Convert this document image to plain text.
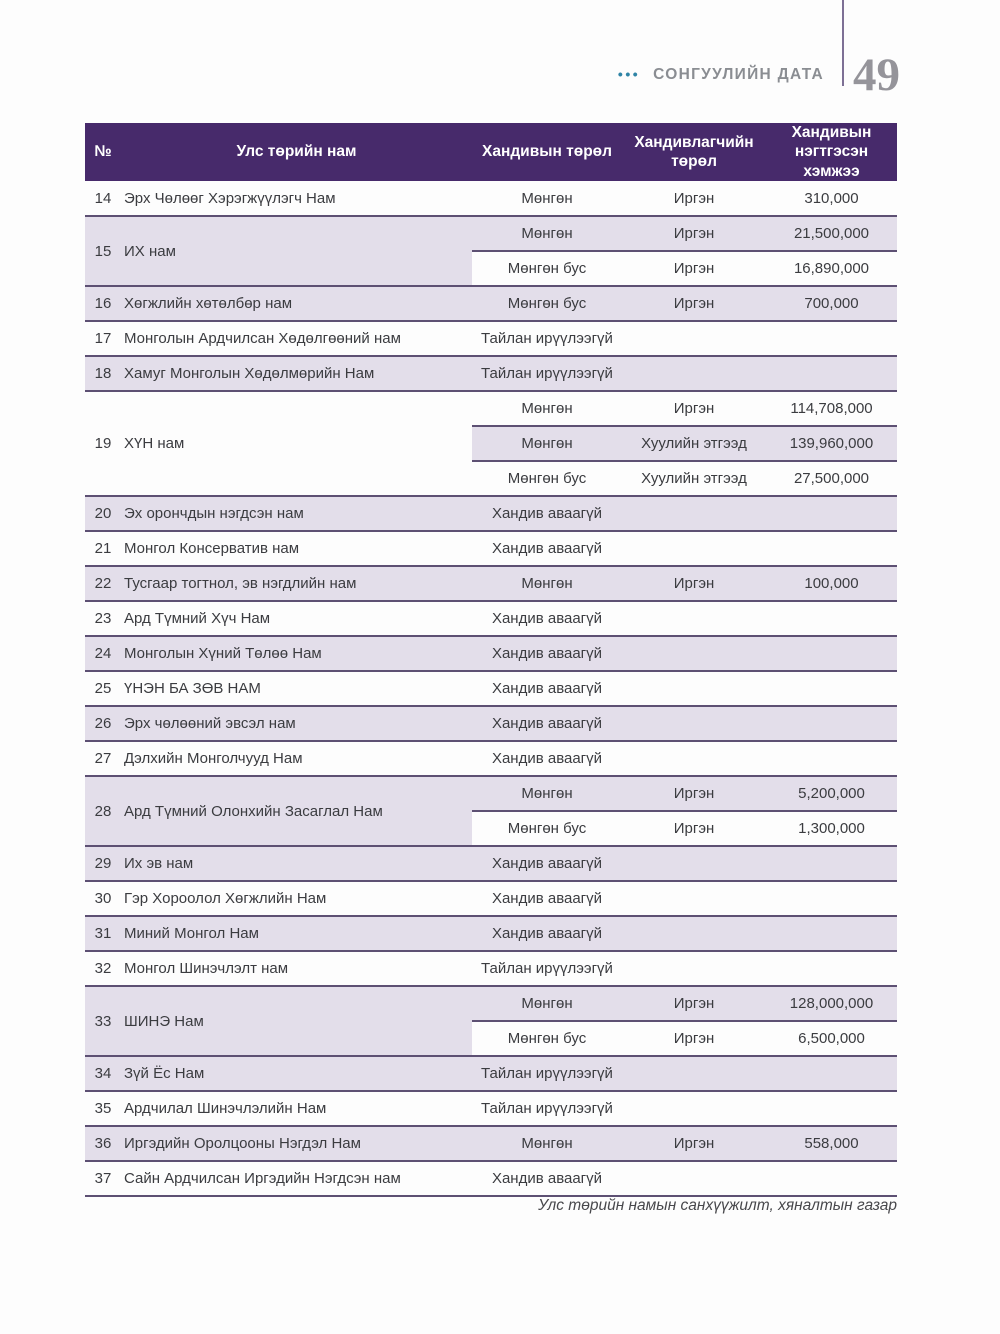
••• СОНГУУЛИЙН ДАТА 49
№	Улс төрийн нам	Хандивын төрөл	Хандивлагчийн төрөл	Хандивын нэгтгэсэн хэмжээ
14	Эрх Чөлөөг Хэрэгжүүлэгч Нам	Мөнгөн	Иргэн	310,000
15	ИХ нам	Мөнгөн	Иргэн	21,500,000
		Мөнгөн бус	Иргэн	16,890,000
16	Хөгжлийн хөтөлбөр нам	Мөнгөн бус	Иргэн	700,000
17	Монголын Ардчилсан Хөдөлгөөний нам	Тайлан ирүүлээгүй		
18	Хамуг Монголын Хөдөлмөрийн Нам	Тайлан ирүүлээгүй		
19	ХҮН нам	Мөнгөн	Иргэн	114,708,000
		Мөнгөн	Хуулийн этгээд	139,960,000
		Мөнгөн бус	Хуулийн этгээд	27,500,000
20	Эх орончдын нэгдсэн нам	Хандив аваагүй		
21	Монгол Консерватив нам	Хандив аваагүй		
22	Тусгаар тогтнол, эв нэгдлийн нам	Мөнгөн	Иргэн	100,000
23	Ард Түмний Хүч Нам	Хандив аваагүй		
24	Монголын Хүний Төлөө Нам	Хандив аваагүй		
25	ҮНЭН БА ЗӨВ НАМ	Хандив аваагүй		
26	Эрх чөлөөний эвсэл нам	Хандив аваагүй		
27	Дэлхийн Монголчууд Нам	Хандив аваагүй		
28	Ард Түмний Олонхийн Засаглал Нам	Мөнгөн	Иргэн	5,200,000
		Мөнгөн бус	Иргэн	1,300,000
29	Их эв нам	Хандив аваагүй		
30	Гэр Хороолол Хөгжлийн Нам	Хандив аваагүй		
31	Миний Монгол Нам	Хандив аваагүй		
32	Монгол Шинэчлэлт нам	Тайлан ирүүлээгүй		
33	ШИНЭ Нам	Мөнгөн	Иргэн	128,000,000
		Мөнгөн бус	Иргэн	6,500,000
34	Зүй Ёс Нам	Тайлан ирүүлээгүй		
35	Ардчилал Шинэчлэлийн Нам	Тайлан ирүүлээгүй		
36	Иргэдийн Оролцооны Нэгдэл Нам	Мөнгөн	Иргэн	558,000
37	Сайн Ардчилсан Иргэдийн Нэгдсэн нам	Хандив аваагүй		
Улс төрийн намын санхүүжилт, хяналтын газар
